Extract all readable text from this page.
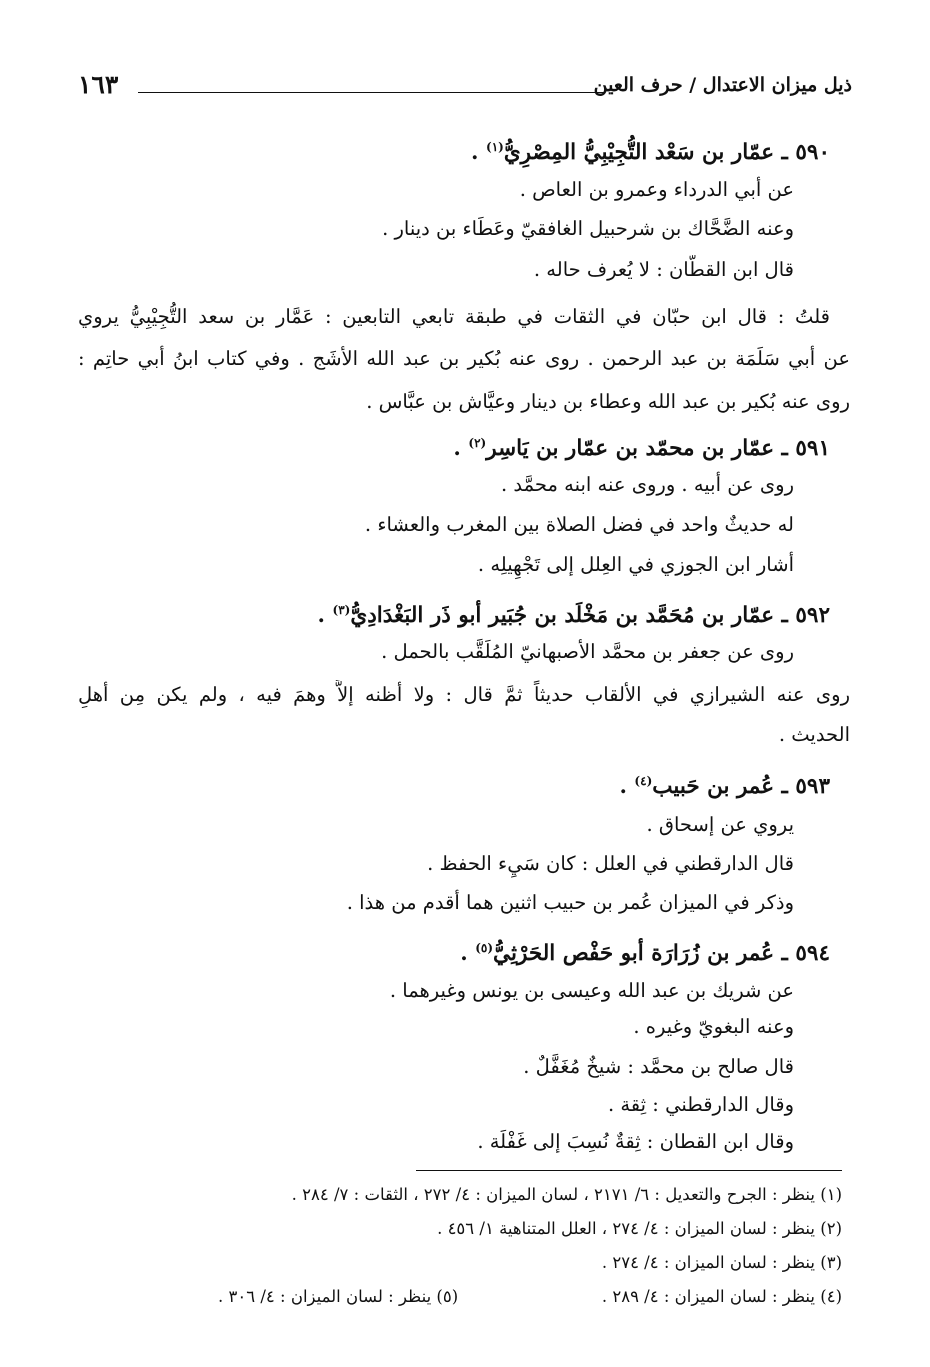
ذيل ميزان الاعتدال / حرف العين
١٦٣
٥٩٠ ـ عمّار بن سَعْد التُّجِيْبِيُّ المِصْرِيُّ$^{(١)}$ .
عن أبي الدرداء وعمرو بن العاص .
وعنه الضَّحَّاك بن شرحبيل الغافقيّ وعَطَاء بن دينار .
قال ابن القطّان : لا يُعرف حاله .
قلتُ : قال ابن حبّان في الثقات في طبقة تابعي التابعين : عَمَّار بن سعد التُّجِيْبِيُّ يروي
عن أبي سَلَمَة بن عبد الرحمن . روى عنه بُكير بن عبد الله الأشَج . وفي كتاب ابنُ أبي حاتِم :
روى عنه بُكير بن عبد الله وعطاء بن دينار وعيَّاش بن عبَّاس .
٥٩١ ـ عمّار بن محمّد بن عمّار بن يَاسِر$^{(٢)}$ .
روى عن أبيه . وروى عنه ابنه محمَّد .
له حديثٌ واحد في فضل الصلاة بين المغرب والعشاء .
أشار ابن الجوزي في العِلل إلى تَجْهِيلِه .
٥٩٢ ـ عمّار بن مُحَمَّد بن مَخْلَد بن جُبَير أبو ذَر البَغْدَادِيُّ$^{(٣)}$ .
روى عن جعفر بن محمَّد الأصبهانيّ المُلَقَّب بالحمل .
روى عنه الشيرازي في الألقاب حديثاً ثمَّ قال : ولا أظنه إلاَّ وهمَ فيه ، ولم يكن مِن أهلِ
الحديث .
٥٩٣ ـ عُمر بن حَبيب$^{(٤)}$ .
يروي عن إسحاق .
قال الدارقطني في العلل : كان سَيِء الحفظ .
وذكر في الميزان عُمر بن حبيب اثنين هما أقدم من هذا .
٥٩٤ ـ عُمر بن زُرَارَة أبو حَفْص الحَرْثِيُّ$^{(٥)}$ .
عن شريك بن عبد الله وعيسى بن يونس وغيرهما .
وعنه البغويّ وغيره .
قال صالح بن محمَّد : شيخٌ مُغَفَّلٌ .
وقال الدارقطني : ثِقة .
وقال ابن القطان : ثِقةٌ نُسِبَ إلى غَفْلَة .
(١) ينظر : الجرح والتعديل : ٦/ ٢١٧١ ، لسان الميزان : ٤/ ٢٧٢ ، الثقات : ٧/ ٢٨٤ .
(٢) ينظر : لسان الميزان : ٤/ ٢٧٤ ، العلل المتناهية ١/ ٤٥٦ .
(٣) ينظر : لسان الميزان : ٤/ ٢٧٤ .
(٤) ينظر : لسان الميزان : ٤/ ٢٨٩ .
(٥) ينظر : لسان الميزان : ٤/ ٣٠٦ .
